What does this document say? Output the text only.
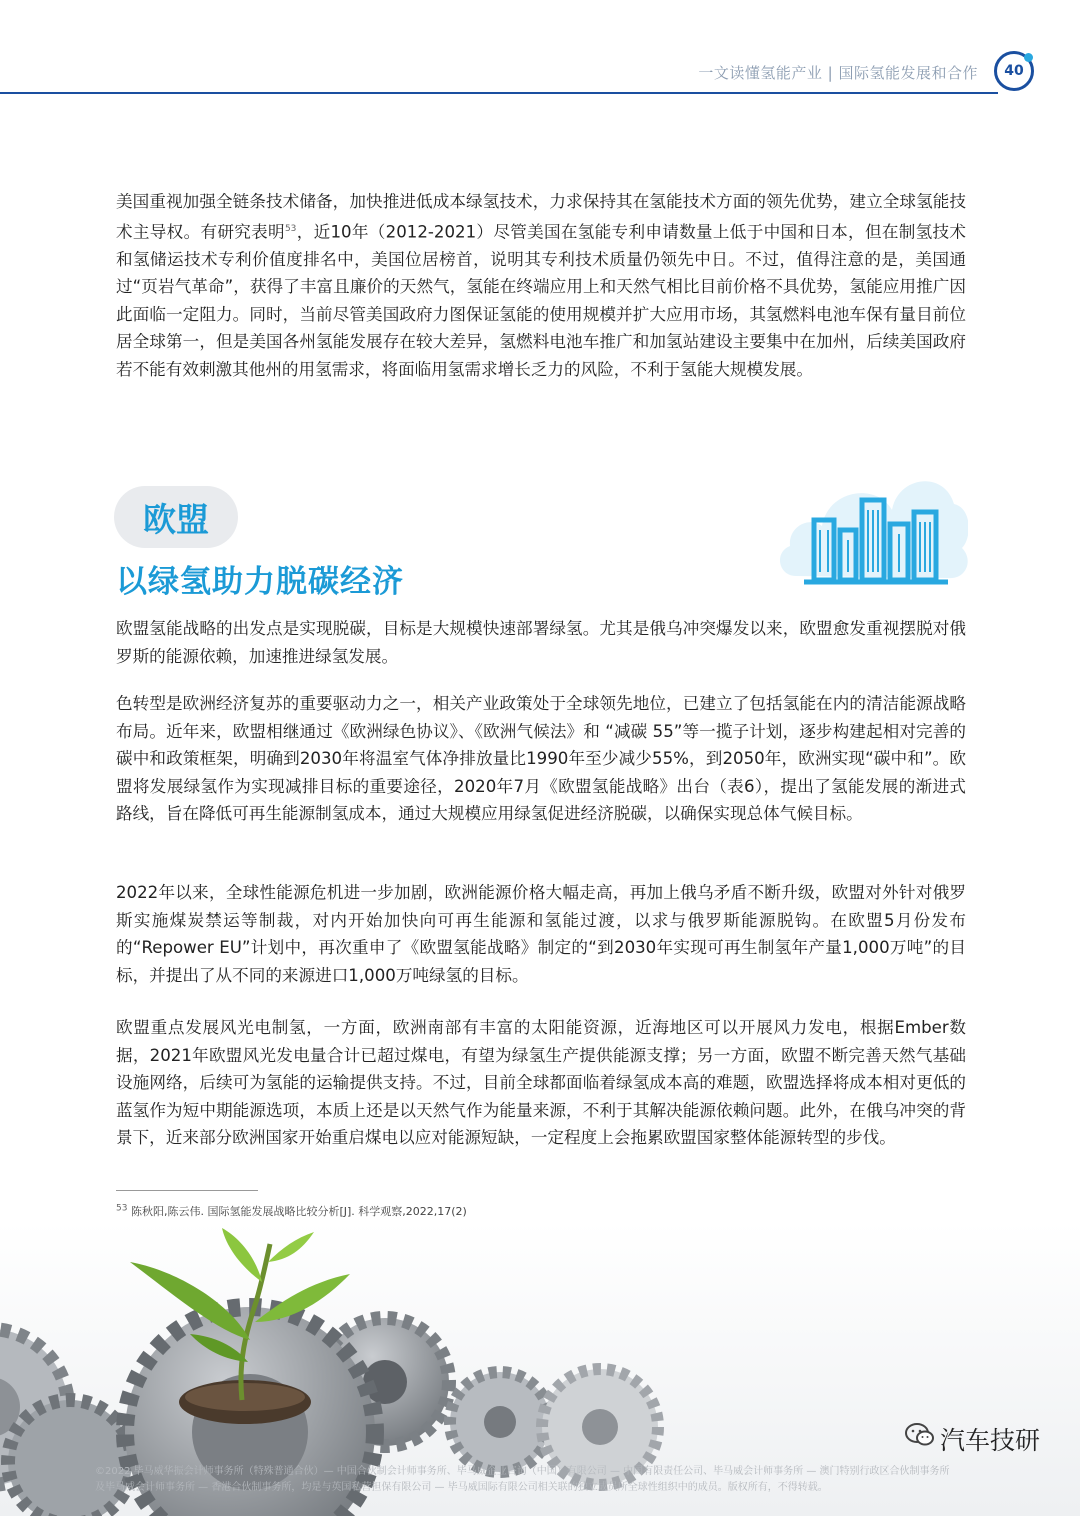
一文读懂氢能产业 | 国际氢能发展和合作 40

美国重视加强全链条技术储备，加快推进低成本绿氢技术，力求保持其在氢能技术方面的领先优势，建立全球氢能技术主导权。有研究表明$^{53}$，近10年（2012-2021）尽管美国在氢能专利申请数量上低于中国和日本，但在制氢技术和氢储运技术专利价值度排名中，美国位居榜首，说明其专利技术质量仍领先中日。不过，值得注意的是，美国通过“页岩气革命”，获得了丰富且廉价的天然气，氢能在终端应用上和天然气相比目前价格不具优势，氢能应用推广因此面临一定阻力。同时，当前尽管美国政府力图保证氢能的使用规模并扩大应用市场，其氢燃料电池车保有量目前位居全球第一，但是美国各州氢能发展存在较大差异，氢燃料电池车推广和加氢站建设主要集中在加州，后续美国政府若不能有效刺激其他州的用氢需求，将面临用氢需求增长乏力的风险，不利于氢能大规模发展。

欧盟
以绿氢助力脱碳经济

欧盟氢能战略的出发点是实现脱碳，目标是大规模快速部署绿氢。尤其是俄乌冲突爆发以来，欧盟愈发重视摆脱对俄罗斯的能源依赖，加速推进绿氢发展。

色转型是欧洲经济复苏的重要驱动力之一，相关产业政策处于全球领先地位，已建立了包括氢能在内的清洁能源战略布局。近年来，欧盟相继通过《欧洲绿色协议》、《欧洲气候法》和 “减碳 55”等一揽子计划，逐步构建起相对完善的碳中和政策框架，明确到2030年将温室气体净排放量比1990年至少减少55%，到2050年，欧洲实现“碳中和”。欧盟将发展绿氢作为实现减排目标的重要途径，2020年7月《欧盟氢能战略》出台（表6），提出了氢能发展的渐进式路线，旨在降低可再生能源制氢成本，通过大规模应用绿氢促进经济脱碳，以确保实现总体气候目标。

2022年以来，全球性能源危机进一步加剧，欧洲能源价格大幅走高，再加上俄乌矛盾不断升级，欧盟对外针对俄罗斯实施煤炭禁运等制裁，对内开始加快向可再生能源和氢能过渡，以求与俄罗斯能源脱钩。在欧盟5月份发布的“Repower EU”计划中，再次重申了《欧盟氢能战略》制定的“到2030年实现可再生制氢年产量1,000万吨”的目标，并提出了从不同的来源进口1,000万吨绿氢的目标。

欧盟重点发展风光电制氢，一方面，欧洲南部有丰富的太阳能资源，近海地区可以开展风力发电，根据Ember数据，2021年欧盟风光发电量合计已超过煤电，有望为绿氢生产提供能源支撑；另一方面，欧盟不断完善天然气基础设施网络，后续可为氢能的运输提供支持。不过，目前全球都面临着绿氢成本高的难题，欧盟选择将成本相对更低的蓝氢作为短中期能源选项，本质上还是以天然气作为能量来源，不利于其解决能源依赖问题。此外，在俄乌冲突的背景下，近来部分欧洲国家开始重启煤电以应对能源短缺，一定程度上会拖累欧盟国家整体能源转型的步伐。

$^{53}$ 陈秋阳,陈云伟. 国际氢能发展战略比较分析[J]. 科学观察,2022,17(2)
汽车技研
©2022 毕马威华振会计师事务所（特殊普通合伙）— 中国合伙制会计师事务所、毕马威企业咨询（中国）有限公司 — 中国有限责任公司、毕马威会计师事务所 — 澳门特别行政区合伙制事务所
及毕马威会计师事务所 — 香港合伙制事务所，均是与英国私营担保有限公司 — 毕马威国际有限公司相关联的独立成员所全球性组织中的成员。版权所有，不得转载。
